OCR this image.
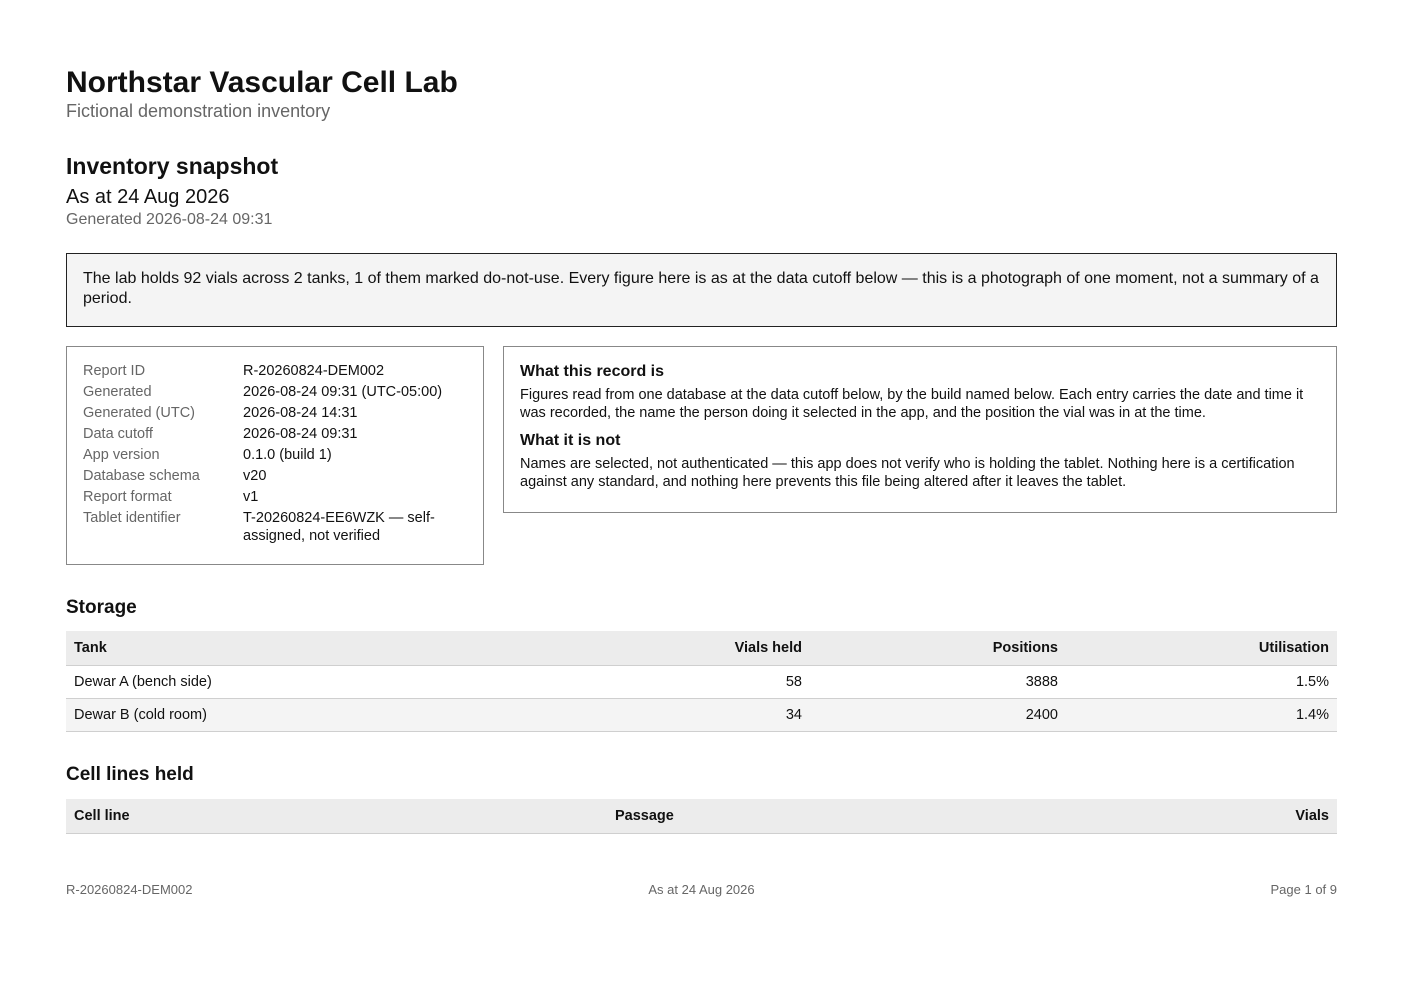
Northstar Vascular Cell Lab
Fictional demonstration inventory
Inventory snapshot
As at 24 Aug 2026
Generated 2026-08-24 09:31
The lab holds 92 vials across 2 tanks, 1 of them marked do-not-use. Every figure here is as at the data cutoff below — this is a photograph of one moment, not a summary of a period.
Report ID	R-20260824-DEM002
Generated	2026-08-24 09:31 (UTC-05:00)
Generated (UTC)	2026-08-24 14:31
Data cutoff	2026-08-24 09:31
App version	0.1.0 (build 1)
Database schema	v20
Report format	v1
Tablet identifier	T-20260824-EE6WZK — self-assigned, not verified
What this record is

Figures read from one database at the data cutoff below, by the build named below. Each entry carries the date and time it was recorded, the name the person doing it selected in the app, and the position the vial was in at the time.

What it is not

Names are selected, not authenticated — this app does not verify who is holding the tablet. Nothing here is a certification against any standard, and nothing here prevents this file being altered after it leaves the tablet.

Storage
Tank	Vials held	Positions	Utilisation
Dewar A (bench side)	58	3888	1.5%
Dewar B (cold room)	34	2400	1.4%
Cell lines held
Cell line	Passage	Vials
R-20260824-DEM002	As at 24 Aug 2026	Page 1 of 9
